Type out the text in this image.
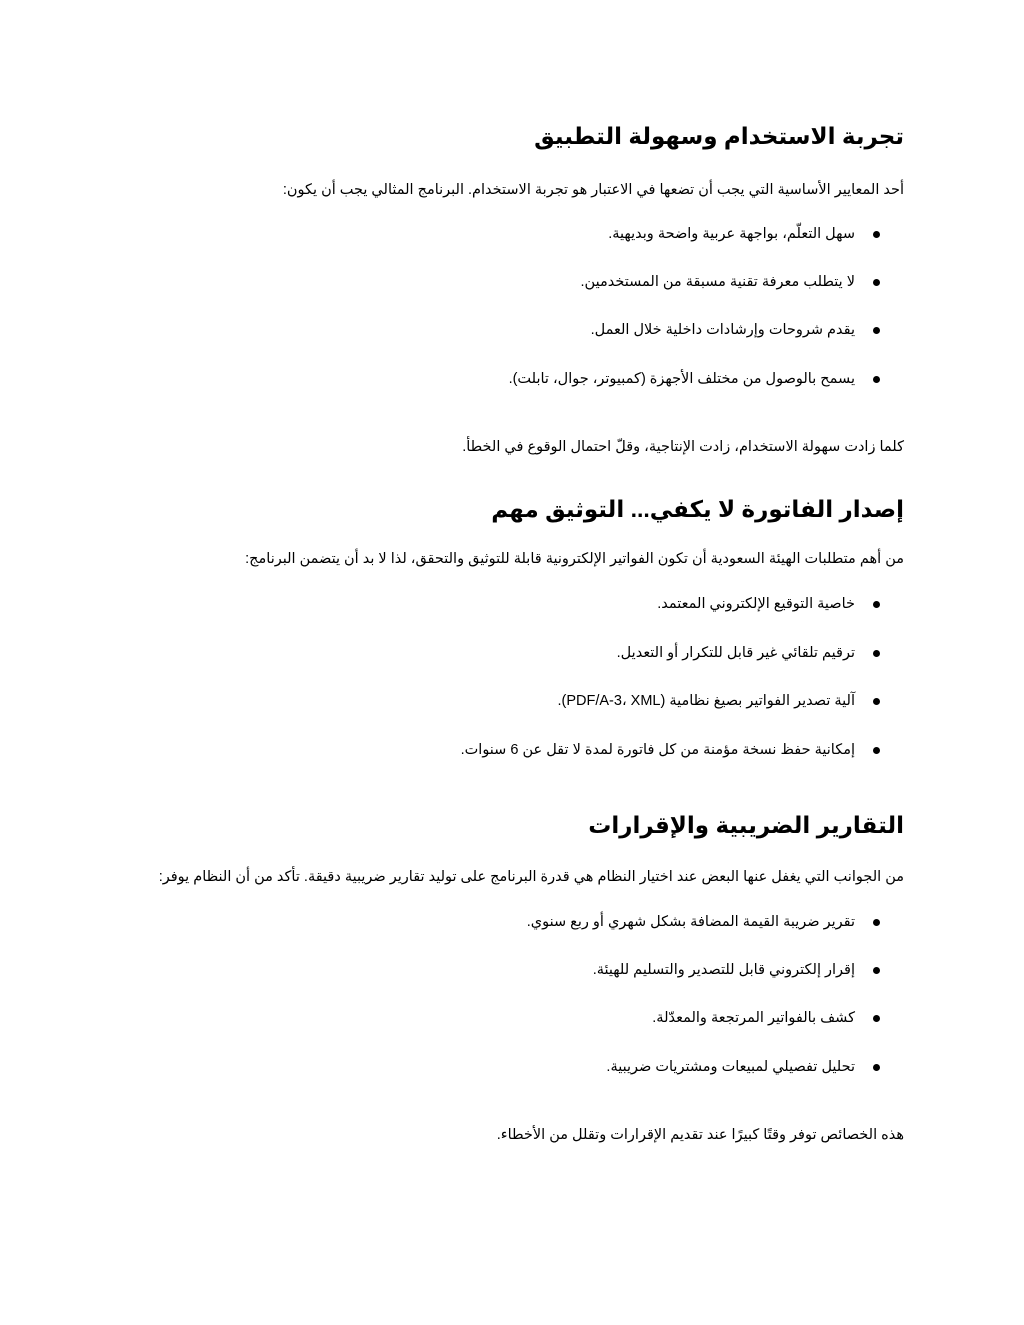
تجربة الاستخدام وسهولة التطبيق

أحد المعايير الأساسية التي يجب أن تضعها في الاعتبار هو تجربة الاستخدام. البرنامج المثالي يجب أن يكون:

سهل التعلّم، بواجهة عربية واضحة وبديهية.
لا يتطلب معرفة تقنية مسبقة من المستخدمين.
يقدم شروحات وإرشادات داخلية خلال العمل.
يسمح بالوصول من مختلف الأجهزة (كمبيوتر، جوال، تابلت).

كلما زادت سهولة الاستخدام، زادت الإنتاجية، وقلّ احتمال الوقوع في الخطأ.

إصدار الفاتورة لا يكفي... التوثيق مهم

من أهم متطلبات الهيئة السعودية أن تكون الفواتير الإلكترونية قابلة للتوثيق والتحقق، لذا لا بد أن يتضمن البرنامج:

خاصية التوقيع الإلكتروني المعتمد.
ترقيم تلقائي غير قابل للتكرار أو التعديل.
آلية تصدير الفواتير بصيغ نظامية (PDF/A-3، XML).
إمكانية حفظ نسخة مؤمنة من كل فاتورة لمدة لا تقل عن 6 سنوات.
التقارير الضريبية والإقرارات

من الجوانب التي يغفل عنها البعض عند اختيار النظام هي قدرة البرنامج على توليد تقارير ضريبية دقيقة. تأكد من أن النظام يوفر:

تقرير ضريبة القيمة المضافة بشكل شهري أو ربع سنوي.
إقرار إلكتروني قابل للتصدير والتسليم للهيئة.
كشف بالفواتير المرتجعة والمعدّلة.
تحليل تفصيلي لمبيعات ومشتريات ضريبية.

هذه الخصائص توفر وقتًا كبيرًا عند تقديم الإقرارات وتقلل من الأخطاء.
